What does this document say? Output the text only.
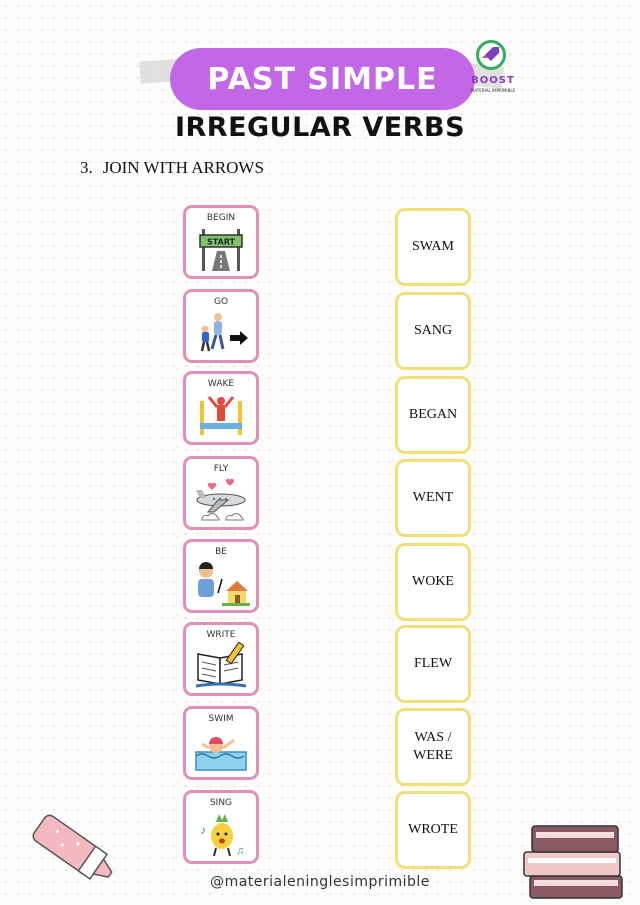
PAST SIMPLE	BOOST
MATERIAL IMPRIMIBLE
IRREGULAR VERBS
3. JOIN WITH ARROWS
BEGIN
START
GO
WAKE
FLY
BE
WRITE
SWIM
SING
♪
♫
SWAM
SANG
BEGAN
WENT
WOKE
FLEW
WAS / WERE
WROTE
@materialeninglesimprimible
